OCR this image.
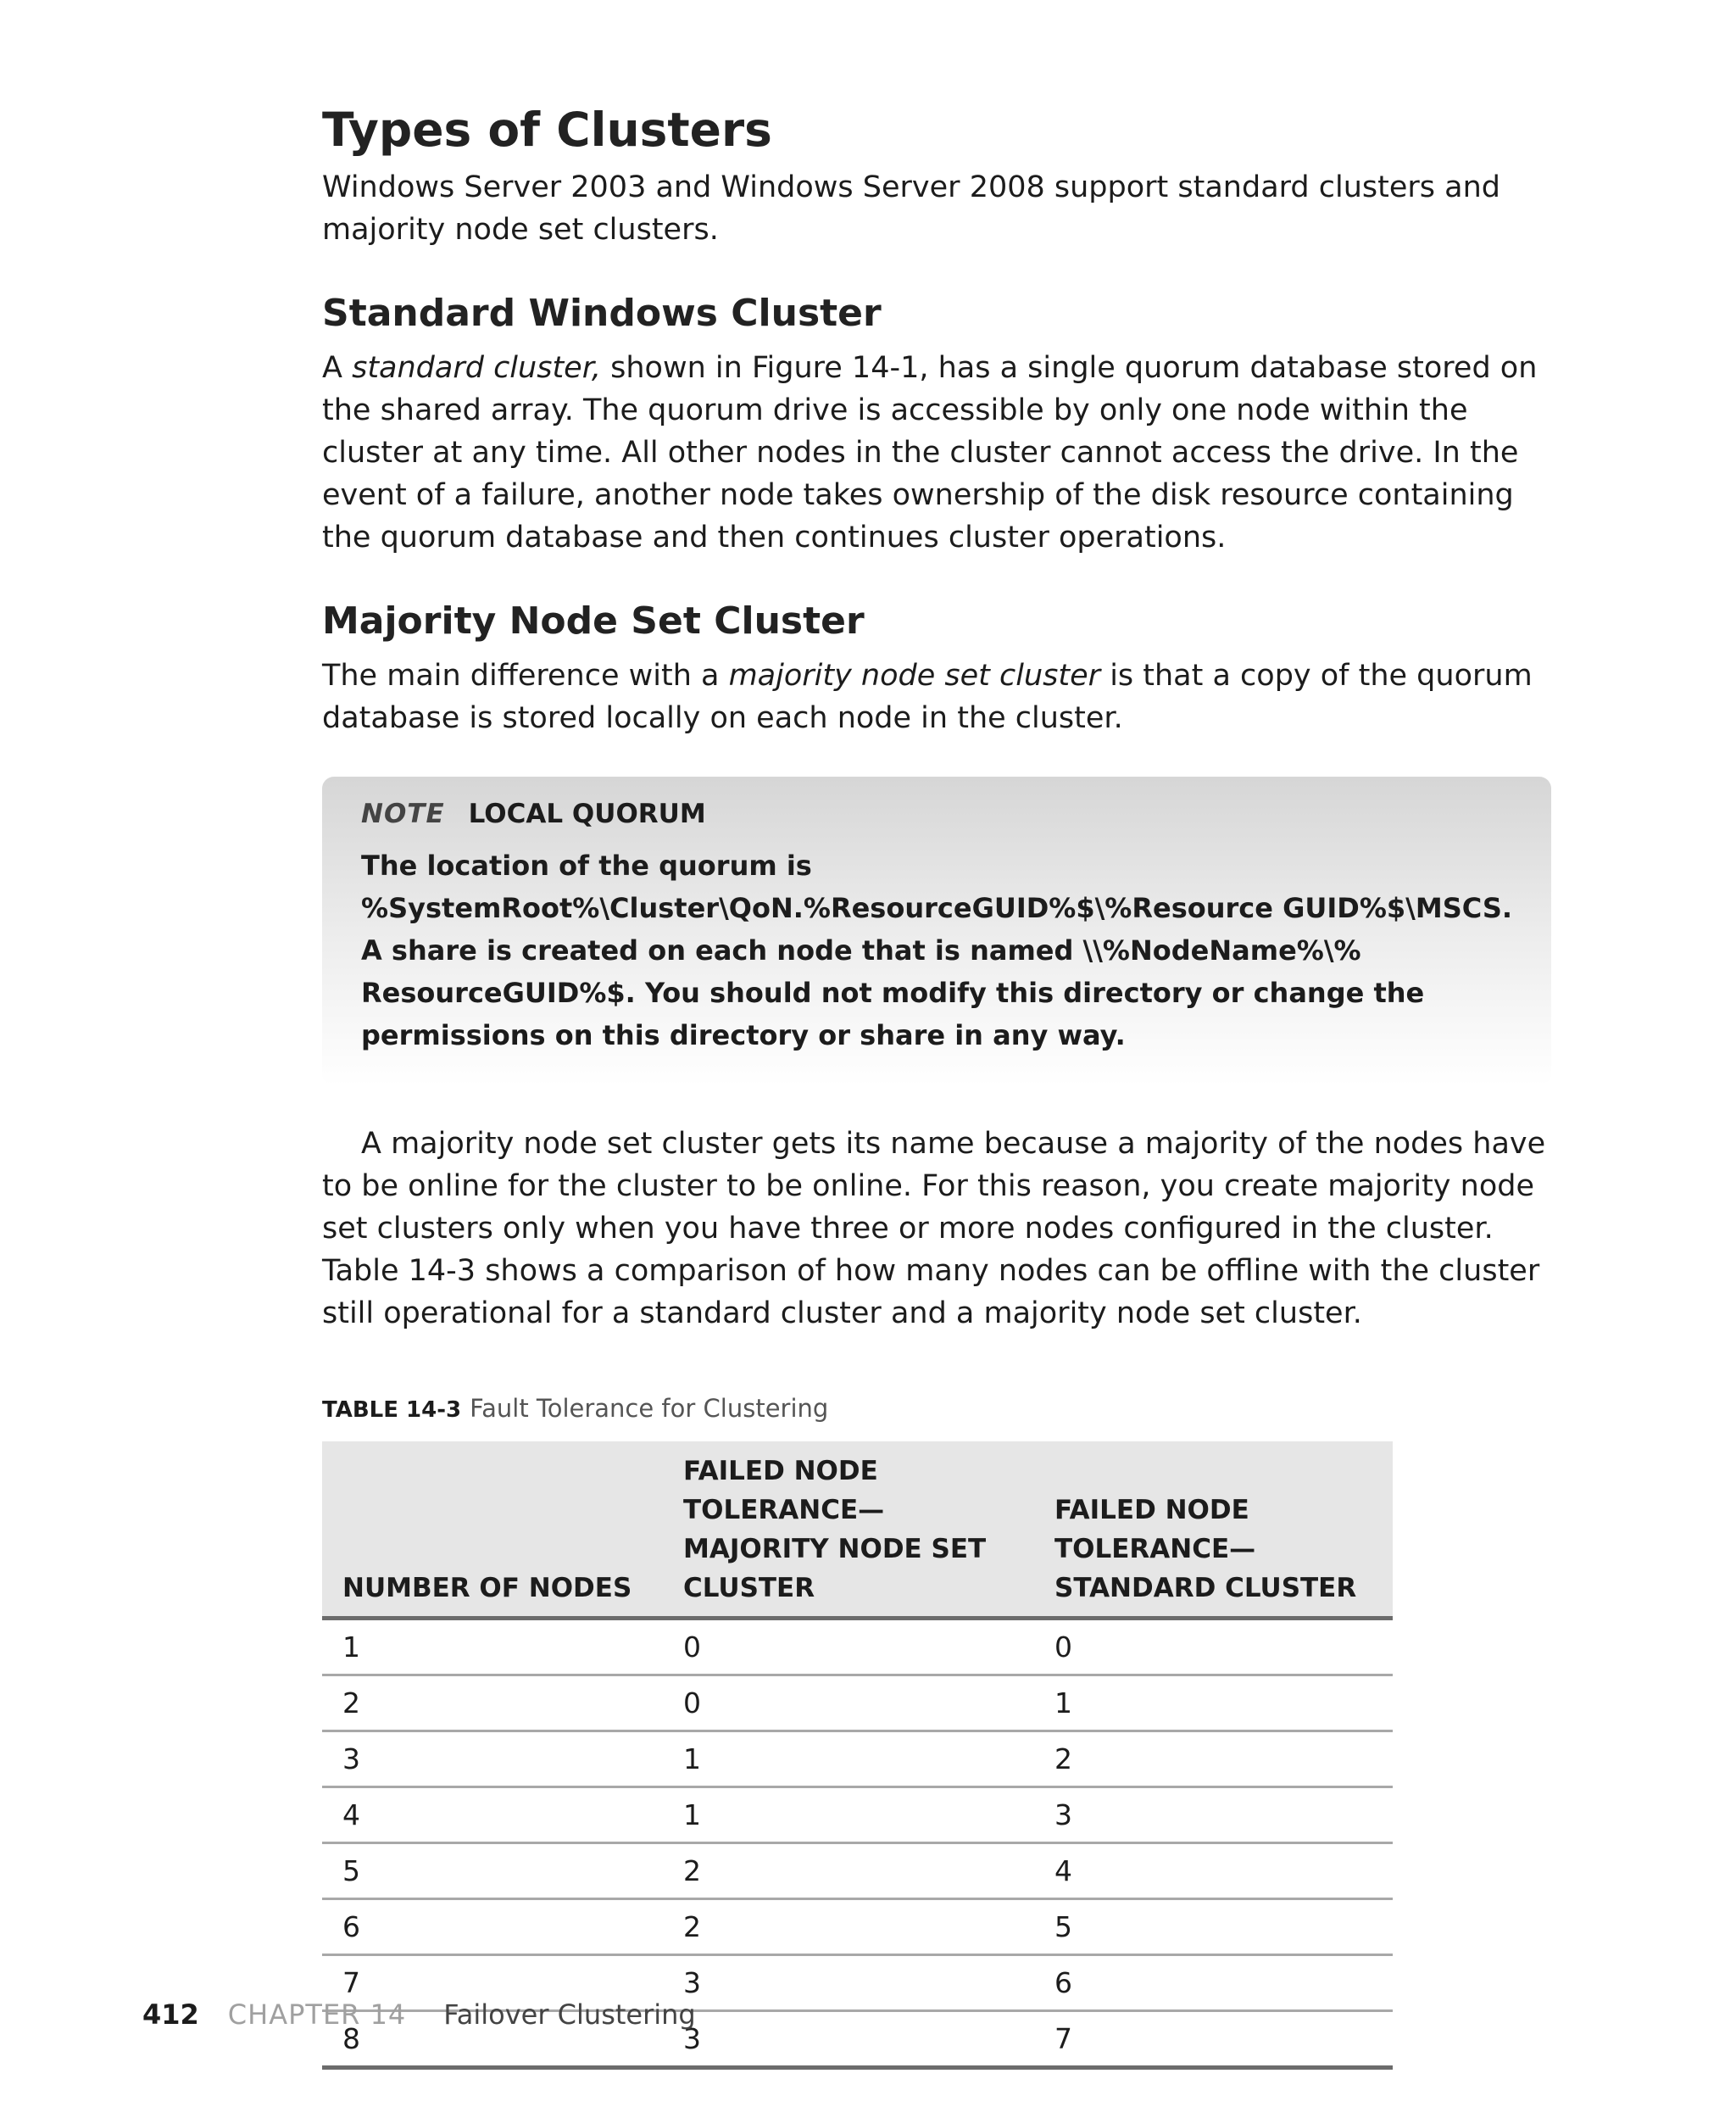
Types of Clusters

Windows Server 2003 and Windows Server 2008 support standard clusters and majority node set clusters.

Standard Windows Cluster

A standard cluster, shown in Figure 14-1, has a single quorum database stored on the shared array. The quorum drive is accessible by only one node within the cluster at any time. All other nodes in the cluster cannot access the drive. In the event of a failure, another node takes ownership of the disk resource containing the quorum database and then continues cluster operations.

Majority Node Set Cluster

The main difference with a majority node set cluster is that a copy of the quorum database is stored locally on each node in the cluster.

NOTE LOCAL QUORUM

The location of the quorum is %SystemRoot%\Cluster\QoN.%ResourceGUID%$\%Resource GUID%$\MSCS. A share is created on each node that is named \\%NodeName%\% ResourceGUID%$. You should not modify this directory or change the permissions on this directory or share in any way.

A majority node set cluster gets its name because a majority of the nodes have to be online for the cluster to be online. For this reason, you create majority node set clusters only when you have three or more nodes configured in the cluster. Table 14-3 shows a comparison of how many nodes can be offline with the cluster still operational for a standard cluster and a majority node set cluster.

TABLE 14-3 Fault Tolerance for Clustering
NUMBER OF NODES	FAILED NODE TOLERANCE—MAJORITY NODE SET CLUSTER	FAILED NODE TOLERANCE—STANDARD CLUSTER
1	0	0
2	0	1
3	1	2
4	1	3
5	2	4
6	2	5
7	3	6
8	3	7
412 CHAPTER 14 Failover Clustering
